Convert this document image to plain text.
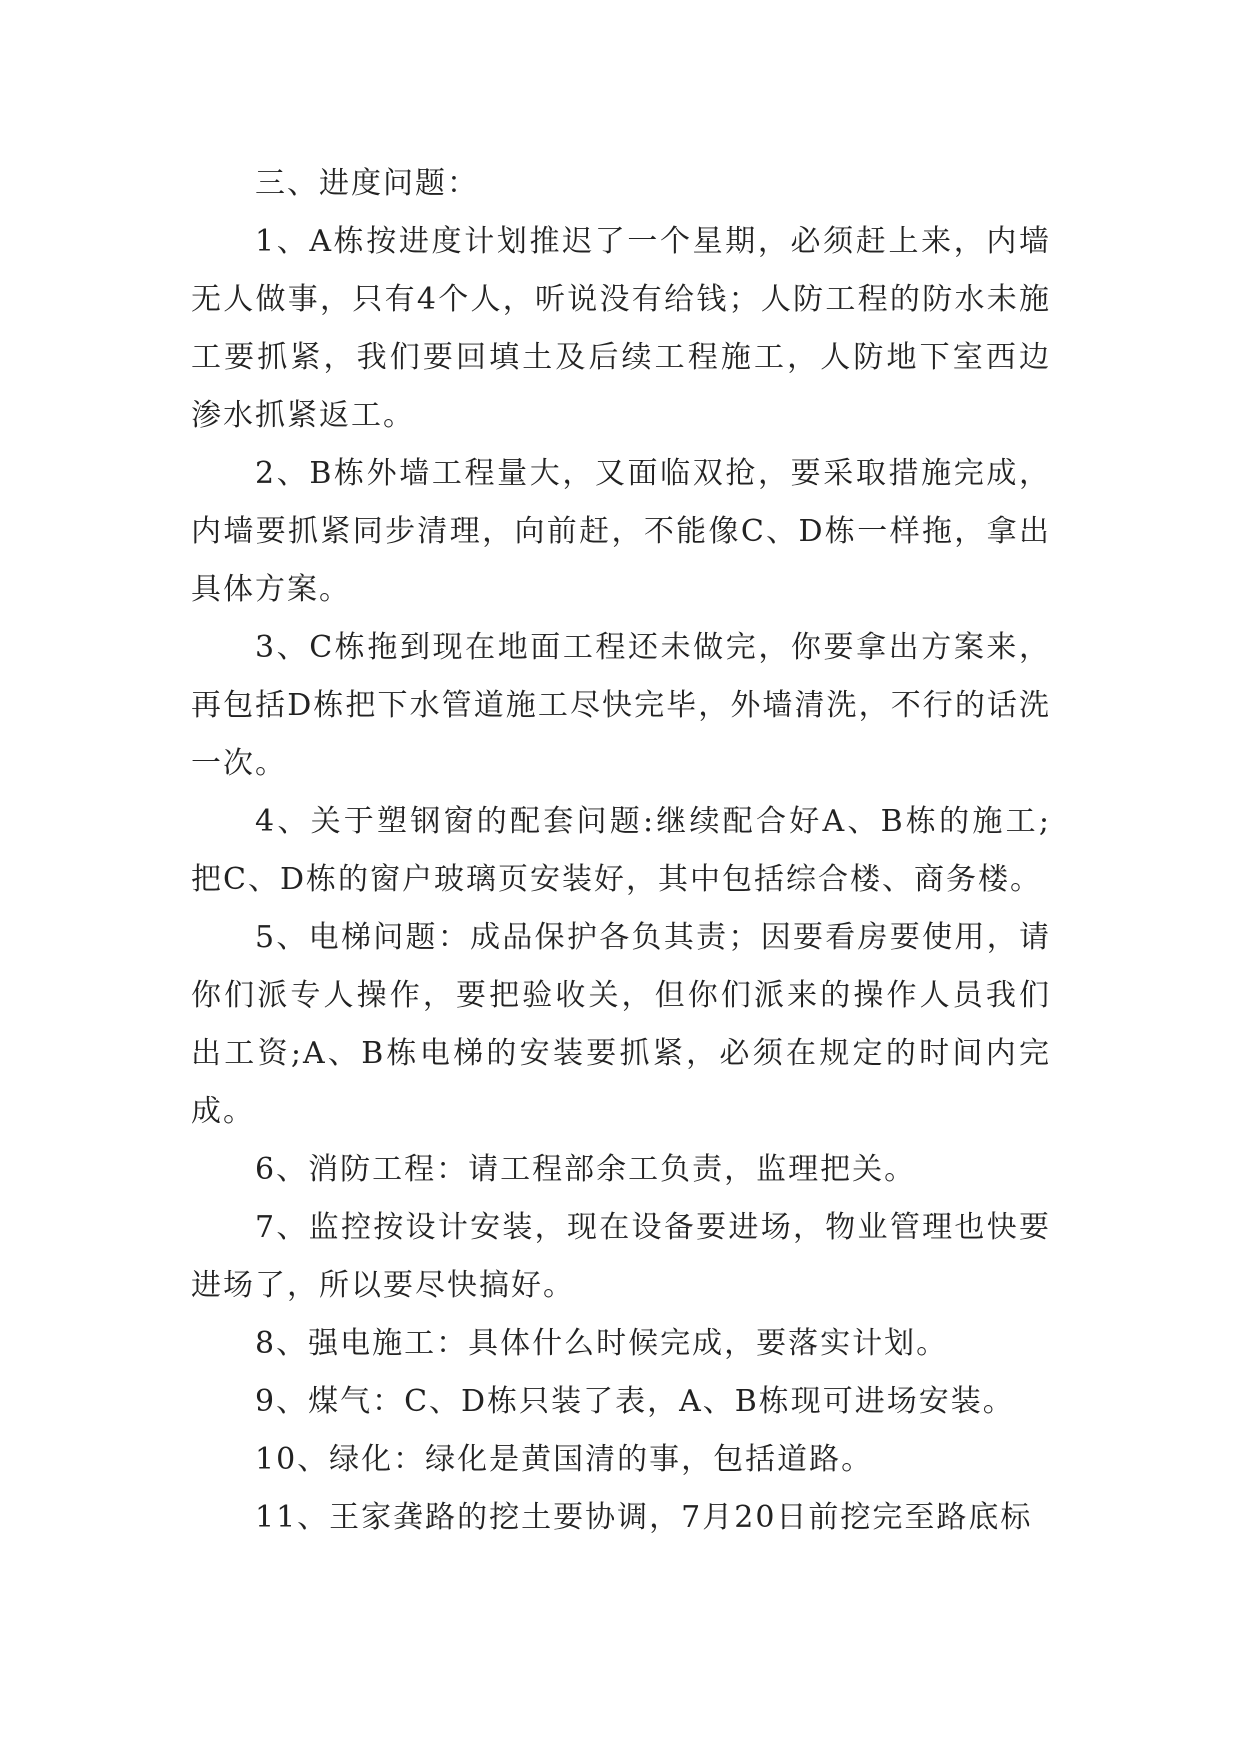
三、进度问题：

1、A栋按进度计划推迟了一个星期，必须赶上来，内墙无人做事，只有4个人，听说没有给钱；人防工程的防水未施工要抓紧，我们要回填土及后续工程施工，人防地下室西边渗水抓紧返工。

2、B栋外墙工程量大，又面临双抢，要采取措施完成，内墙要抓紧同步清理，向前赶，不能像C、D栋一样拖，拿出具体方案。

3、C栋拖到现在地面工程还未做完，你要拿出方案来，再包括D栋把下水管道施工尽快完毕，外墙清洗，不行的话洗一次。

4、关于塑钢窗的配套问题:继续配合好A、B栋的施工;把C、D栋的窗户玻璃页安装好，其中包括综合楼、商务楼。

5、电梯问题：成品保护各负其责；因要看房要使用，请你们派专人操作，要把验收关，但你们派来的操作人员我们出工资;A、B栋电梯的安装要抓紧，必须在规定的时间内完成。

6、消防工程：请工程部余工负责，监理把关。

7、监控按设计安装，现在设备要进场，物业管理也快要进场了，所以要尽快搞好。

8、强电施工：具体什么时候完成，要落实计划。

9、煤气：C、D栋只装了表，A、B栋现可进场安装。

10、绿化：绿化是黄国清的事，包括道路。

11、王家龚路的挖土要协调，7月20日前挖完至路底标
